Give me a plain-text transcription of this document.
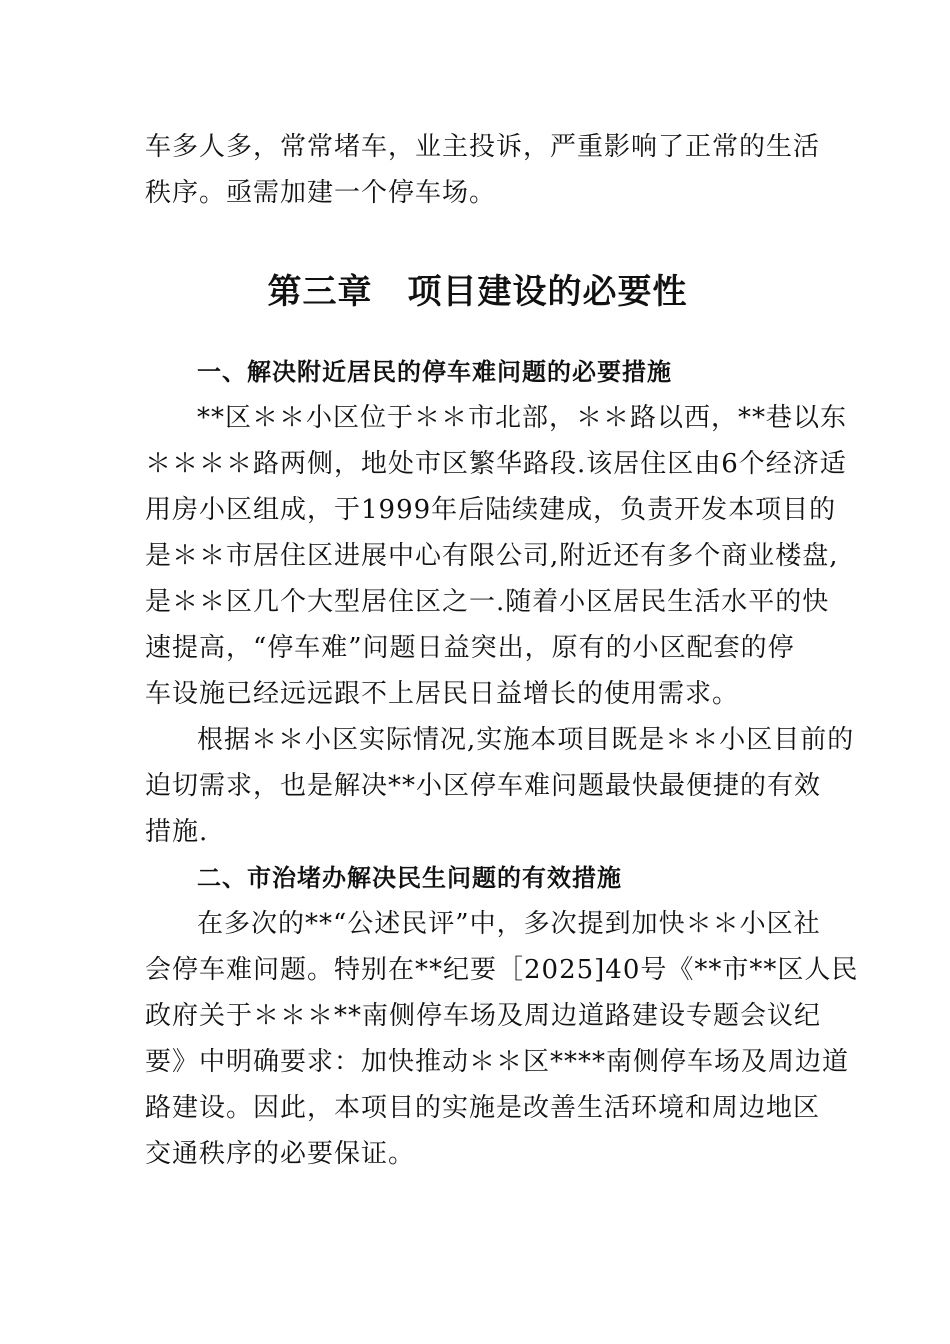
车多人多，常常堵车，业主投诉，严重影响了正常的生活

秩序。亟需加建一个停车场。

第三章　项目建设的必要性
一、解决附近居民的停车难问题的必要措施

**区＊＊小区位于＊＊市北部，＊＊路以西，**巷以东

＊＊＊＊路两侧，地处市区繁华路段.该居住区由6个经济适

用房小区组成，于1999年后陆续建成，负责开发本项目的

是＊＊市居住区进展中心有限公司,附近还有多个商业楼盘,

是＊＊区几个大型居住区之一.随着小区居民生活水平的快

速提高，“停车难”问题日益突出，原有的小区配套的停

车设施已经远远跟不上居民日益增长的使用需求。

根据＊＊小区实际情况,实施本项目既是＊＊小区目前的

迫切需求，也是解决**小区停车难问题最快最便捷的有效

措施.

二、市治堵办解决民生问题的有效措施

在多次的**“公述民评”中，多次提到加快＊＊小区社

会停车难问题。特别在**纪要［2025]40号《**市**区人民

政府关于＊＊＊**南侧停车场及周边道路建设专题会议纪

要》中明确要求：加快推动＊＊区****南侧停车场及周边道

路建设。因此，本项目的实施是改善生活环境和周边地区

交通秩序的必要保证。
